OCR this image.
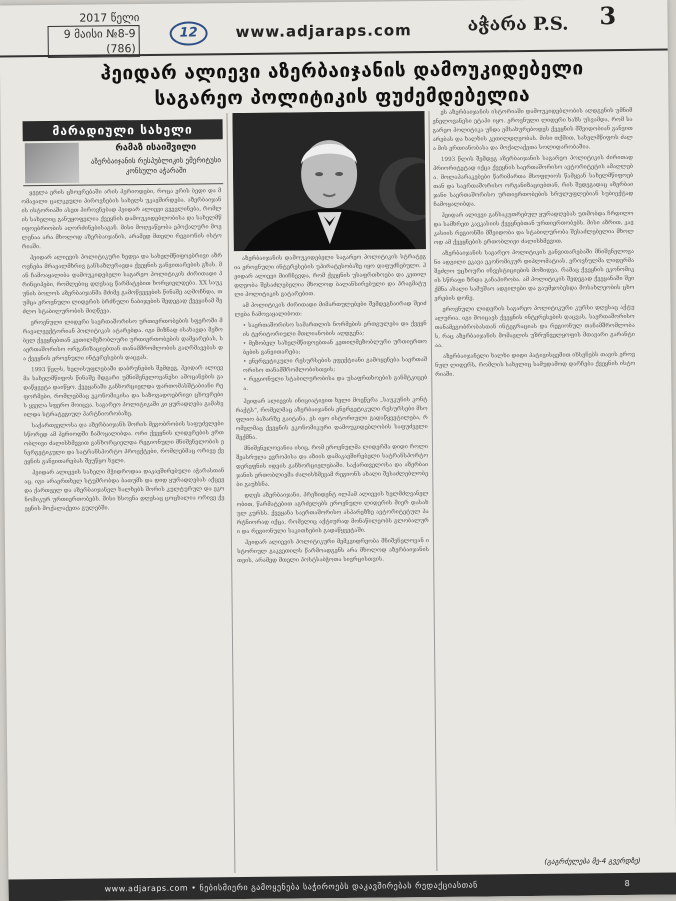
2017 წელი
9 მაისი №8-9 (786)
12	www.adjaraps.com	აჭარა P.S. 3
ჰეიდარ ალიევი აზერბაიჯანის დამოუკიდებელი
საგარეო პოლიტიკის ფუძემდებელია
მარადიული სახელი
რამაზ ისაიშვილი
აზერბაიჯანის რესპუბლიკის ემერიტუსი კონსული აჭარაში

ყველა ერის ცხოვრებაში არის პერიოდები, როცა ერის ბედი და მომავალი ცალკეული პიროვნების სახელს უკავშირდება. აზერბაიჯანის ისტორიაში ასეთ პიროვნებად ჰეიდარ ალიევი გვევლინება, რომლის სახელიც განუყოფელია ქვეყნის დამოუკიდებლობისა და სახელმწიფოებრიობის აღორძინებისაგან. მისი მოღვაწეობა ეპოქალური მოვლენაა არა მხოლოდ აზერბაიჯანის, არამედ მთელი რეგიონის ისტორიაში.

ჰეიდარ ალიევის პოლიტიკური ხედვა და სახელმწიფოებრივი აზროვნება მრავალმხრივ განსაზღვრავდა ქვეყნის განვითარების გზას. მან ჩამოაყალიბა დამოუკიდებელი საგარეო პოლიტიკის ძირითადი პრინციპები, რომლებიც დღესაც წარმატებით ხორციელდება. XX საუკუნის ბოლოს აზერბაიჯანმა მძიმე გამოწვევების წინაშე აღმოჩნდა, თუმცა ეროვნული ლიდერის ბრძნული ნაბიჯების შედეგად ქვეყანამ შეძლო სტაბილურობის მიღწევა.

ეროვნული ლიდერი საერთაშორისო ურთიერთობების სფეროში მრავალვექტორიან პოლიტიკას ატარებდა. იგი მიზნად ისახავდა მეზობელ ქვეყნებთან კეთილმეზობლური ურთიერთობების დამყარებას, საერთაშორისო ორგანიზაციებთან თანამშრომლობის გაღრმავებას და ქვეყნის ეროვნული ინტერესების დაცვას.

1993 წელს, ხელისუფლებაში დაბრუნების შემდეგ, ჰეიდარ ალიევმა სახელმწიფოს წინაშე მდგარი უმნიშვნელოვანესი ამოცანების გადაწყვეტა დაიწყო. ქვეყანაში განხორციელდა ფართომასშტაბიანი რეფორმები, რომლებმაც ეკონომიკისა და საზოგადოებრივი ცხოვრების ყველა სფერო მოიცვა. საგარეო პოლიტიკაში კი ყურადღება გამახვილდა სტრატეგიულ პარტნიორობაზე.

საქართველოსა და აზერბაიჯანს შორის მეგობრობის საფუძვლები სწორედ ამ პერიოდში ჩამოყალიბდა. ორი ქვეყნის ლიდერების ერთობლივი ძალისხმევით განხორციელდა რეგიონული მნიშვნელობის ენერგეტიკული და სატრანსპორტო პროექტები, რომლებმაც ორივე ქვეყნის განვითარებას შეუწყო ხელი.

ჰეიდარ ალიევის სახელი მჭიდროდაა დაკავშირებული აჭარასთანაც. იგი არაერთხელ სტუმრობდა ბათუმს და დიდ ყურადღებას აქცევდა ქართველ და აზერბაიჯანელ ხალხებს შორის კულტურულ და ეკონომიკურ ურთიერთობებს. მისი ხსოვნა დღესაც ცოცხალია ორივე ქვეყნის მოქალაქეთა გულებში.

აზერბაიჯანის დამოუკიდებელი საგარეო პოლიტიკის სტრატეგია ეროვნული ინტერესების უპირატესობაზე იყო დაფუძნებული. ჰეიდარ ალიევი მიიჩნევდა, რომ ქვეყნის უსაფრთხოება და კეთილდღეობა შესაძლებელია მხოლოდ ბალანსირებული და პრაგმატული პოლიტიკის გატარებით.

ამ პოლიტიკის ძირითადი მიმართულებები შემდეგნაირად შეიძლება ჩამოვაყალიბოთ:

• საერთაშორისო სამართლის ნორმების ერთგულება და ქვეყნის ტერიტორიული მთლიანობის აღდგენა;
• მეზობელ სახელმწიფოებთან კეთილმეზობლური ურთიერთობების განვითარება;
• ენერგეტიკული რესურსების ეფექტიანი გამოყენება საერთაშორისო თანამშრომლობისთვის;
• რეგიონული სტაბილურობისა და უსაფრთხოების განმტკიცება.

ჰეიდარ ალიევის ინიციატივით ხელი მოეწერა „საუკუნის კონტრაქტს“, რომელმაც აზერბაიჯანის ენერგეტიკული რესურსები მსოფლიო ბაზარზე გაიტანა. ეს იყო ისტორიული გადაწყვეტილება, რომელმაც ქვეყნის ეკონომიკური დამოუკიდებლობის საფუძველი შექმნა.

მნიშვნელოვანია ისიც, რომ ეროვნულმა ლიდერმა დიდი როლი შეასრულა ევროპისა და აზიის დამაკავშირებელი სატრანსპორტო დერეფნის იდეის განხორციელებაში. საქართველოსა და აზერბაიჯანის ერთობლივმა ძალისხმევამ რეგიონს ახალი შესაძლებლობები გაუხსნა.

დღეს აზერბაიჯანი, პრეზიდენტ ილჰამ ალიევის ხელმძღვანელობით, წარმატებით აგრძელებს ეროვნული ლიდერის მიერ დასახულ კურსს. ქვეყანა საერთაშორისო ასპარეზზე ავტორიტეტულ პარტნიორად იქცა, რომელიც აქტიურად მონაწილეობს გლობალური და რეგიონული საკითხების გადაწყვეტაში.

ჰეიდარ ალიევის პოლიტიკური მემკვიდრეობა მნიშვნელოვან ისტორიულ გაკვეთილს წარმოადგენს არა მხოლოდ აზერბაიჯანისთვის, არამედ მთელი პოსტსაბჭოთა სივრცისთვის.

ეს აზერბაიჯანის ისტორიაში დამოუკიდებლობის აღდგენის უმნიშვნელოვანესი ეტაპი იყო. ეროვნული ლიდერი ხაზს უსვამდა, რომ საგარეო პოლიტიკა უნდა ემსახურებოდეს ქვეყნის მშვიდობიან განვითარებას და ხალხის კეთილდღეობას. მისი თქმით, სახელმწიფოს ძალა მის ერთიანობასა და მოქალაქეთა სოლიდარობაშია.

1993 წლის შემდეგ აზერბაიჯანის საგარეო პოლიტიკის ძირითად პრიორიტეტად იქცა ქვეყნის საერთაშორისო ავტორიტეტის ამაღლება. მოლაპარაკებები წარიმართა მსოფლიოს წამყვან სახელმწიფოებთან და საერთაშორისო ორგანიზაციებთან, რის შედეგადაც აზერბაიჯანი საერთაშორისო ურთიერთობების სრულუფლებიან სუბიექტად ჩამოყალიბდა.

ჰეიდარ ალიევი განსაკუთრებულ ყურადღებას უთმობდა ჩრდილო და სამხრეთ კავკასიის ქვეყნებთან ურთიერთობებს. მისი აზრით, კავკასიის რეგიონში მშვიდობა და სტაბილურობა შესაძლებელია მხოლოდ ამ ქვეყნების ერთობლივი ძალისხმევით.

აზერბაიჯანის საგარეო პოლიტიკის განვითარებაში მნიშვნელოვანი ადგილი ეკავა ეკონომიკურ დიპლომატიას. ეროვნულმა ლიდერმა შეძლო უცხოური ინვესტიციების მოზიდვა, რამაც ქვეყნის ეკონომიკის სწრაფი ზრდა განაპირობა. ამ პოლიტიკის შედეგად ქვეყანაში შეიქმნა ახალი სამუშაო ადგილები და გაუმჯობესდა მოსახლეობის ცხოვრების დონე.

ეროვნული ლიდერის საგარეო პოლიტიკური კურსი დღესაც აქტუალურია. იგი მოიცავს ქვეყნის ინტერესების დაცვას, საერთაშორისო თანამეგობრობასთან ინტეგრაციას და რეგიონულ თანამშრომლობას, რაც აზერბაიჯანის მომავლის უზრუნველყოფის მთავარი გარანტიაა.

აზერბაიჯანელი ხალხი დიდი პატივისცემით იხსენებს თავის ეროვნულ ლიდერს, რომლის სახელიც სამუდამოდ დარჩება ქვეყნის ისტორიაში.

(გაგრძელება მე-4 გვერდზე)
www.adjaraps.com • ნებისმიერი გამოყენება საჭიროებს დაკავშირებას რედაქციასთან	8
